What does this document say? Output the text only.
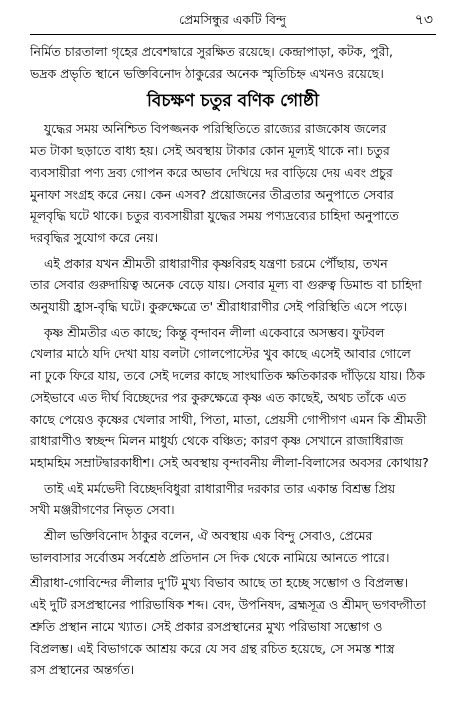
প্রেমসিন্ধুর একটি বিন্দু	৭৩
নির্মিত চারতালা গৃহের প্রবেশদ্বারে সুরক্ষিত রয়েছে। কেন্দ্রাপাড়া, কটক, পুরী,
ভদ্রক প্রভৃতি স্থানে ভক্তিবিনোদ ঠাকুরের অনেক স্মৃতিচিহ্ন এখনও রয়েছে।
বিচক্ষণ চতুর বণিক গোষ্ঠী
যুদ্ধের সময় অনিশ্চিত বিপজ্জনক পরিস্থিতিতে রাজ্যের রাজকোষ জলের
মত টাকা ছড়াতে বাধ্য হয়। সেই অবস্থায় টাকার কোন মূল্যই থাকে না। চতুর
ব্যবসায়ীরা পণ্য দ্রব্য গোপন করে অভাব দেখিয়ে দর বাড়িয়ে দেয় এবং প্রচুর
মুনাফা সংগ্রহ করে নেয়। কেন এসব? প্রয়োজনের তীব্রতার অনুপাতে সেবার
মূলবৃদ্ধি ঘটে থাকে। চতুর ব্যবসায়ীরা যুদ্ধের সময় পণ্যদ্রব্যের চাহিদা অনুপাতে
দরবৃদ্ধির সুযোগ করে নেয়।
এই প্রকার যখন শ্রীমতী রাধারাণীর কৃষ্ণবিরহ যন্ত্রণা চরমে পৌঁছায়, তখন
তার সেবার গুরুদায়িত্ব অনেক বেড়ে যায়। সেবার মূল্য বা গুরুত্ব ডিমান্ড বা চাহিদা
অনুযায়ী হ্রাস-বৃদ্ধি ঘটে। কুরুক্ষেত্রে ত' শ্রীরাধারাণীর সেই পরিস্থিতি এসে পড়ে।
কৃষ্ণ শ্রীমতীর এত কাছে; কিন্তু বৃন্দাবন লীলা একেবারে অসম্ভব। ফুটবল
খেলার মাঠে যদি দেখা যায় বলটা গোলপোস্টের খুব কাছে এসেই আবার গোলে
না ঢুকে ফিরে যায়, তবে সেই দলের কাছে সাংঘাতিক ক্ষতিকারক দাঁড়িয়ে যায়। ঠিক
সেইভাবে এত দীর্ঘ বিচ্ছেদের পর কুরুক্ষেত্রে কৃষ্ণ এত কাছেই, অথচ তাঁকে এত
কাছে পেয়েও কৃষ্ণের খেলার সাথী, পিতা, মাতা, প্রেয়সী গোপীগণ এমন কি শ্রীমতী
রাধারাণীও স্বচ্ছন্দ মিলন মাধুর্য্য থেকে বঞ্চিত; কারণ কৃষ্ণ সেখানে রাজাধিরাজ
মহামহিম সম্রাটদ্বারকাধীশ। সেই অবস্থায় বৃন্দাবনীয় লীলা-বিলাসের অবসর কোথায়?
তাই এই মর্মভেদী বিচ্ছেদবিধুরা রাধারাণীর দরকার তার একান্ত বিশ্রম্ভ প্রিয়
সখী মঞ্জরীগণের নিভৃত সেবা।
শ্রীল ভক্তিবিনোদ ঠাকুর বলেন, ঐ অবস্থায় এক বিন্দু সেবাও, প্রেমের
ভালবাসার সর্বোত্তম সর্বশ্রেষ্ঠ প্রতিদান সে দিক থেকে নামিয়ে আনতে পারে।
শ্রীরাধা-গোবিন্দের লীলার দু'টি মুখ্য বিভাব আছে তা হচ্ছে সম্ভোগ ও বিপ্রলম্ভ।
এই দুটি রসপ্রস্থানের পারিভাষিক শব্দ। বেদ, উপনিষদ, ব্রহ্মসূত্র ও শ্রীমদ্ ভগবদ্গীতা
শ্রুতি প্রস্থান নামে খ্যাত। সেই প্রকার রসপ্রস্থানের মুখ্য পরিভাষা সম্ভোগ ও
বিপ্রলম্ভ। এই বিভাগকে আশ্রয় করে যে সব গ্রন্থ রচিত হয়েছে, সে সমস্ত শাস্ত্র
রস প্রস্থানের অন্তর্গত।
